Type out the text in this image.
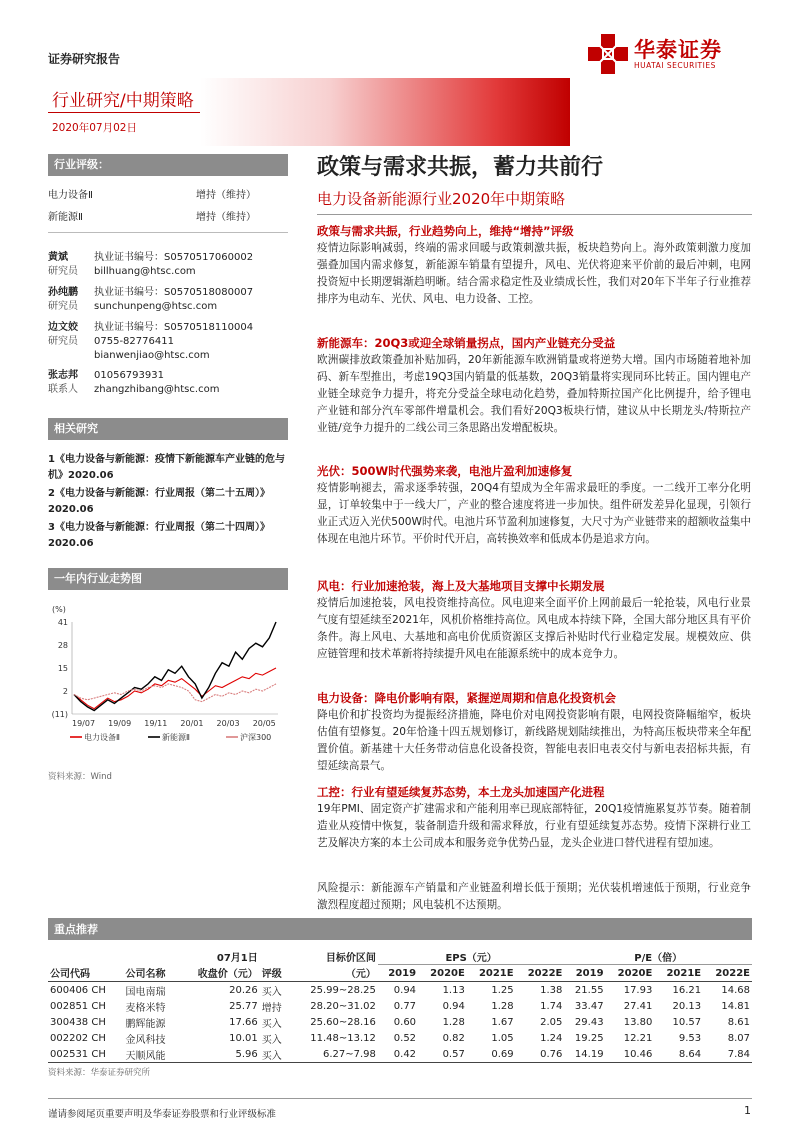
证券研究报告
行业研究/中期策略
2020年07月02日
华泰证券
HUATAI SECURITIES
行业评级：
电力设备Ⅱ	增持（维持）
新能源Ⅱ	增持（维持）
黄斌	执业证书编号：S0570517060002
研究员 billhuang@htsc.com
孙纯鹏 执业证书编号：S0570518080007
研究员 sunchunpeng@htsc.com
边文姣 执业证书编号：S0570518110004
研究员 0755-82776411
bianwenjiao@htsc.com
张志邦 01056793931
联系人 zhangzhibang@htsc.com
相关研究
1《电力设备与新能源：疫情下新能源车产业链的危与机》2020.06
2《电力设备与新能源：行业周报（第二十五周）》2020.06
3《电力设备与新能源：行业周报（第二十四周）》2020.06
一年内行业走势图
(%)
41
28
15
2
(11)
19/07 19/09 19/11 20/01 20/03 20/05
电力设备Ⅱ	新能源Ⅱ	沪深300
资料来源：Wind
政策与需求共振，蓄力共前行
电力设备新能源行业2020年中期策略
政策与需求共振，行业趋势向上，维持“增持”评级
疫情边际影响减弱，终端的需求回暖与政策刺激共振，板块趋势向上。海外政策刺激力度加强叠加国内需求修复，新能源车销量有望提升，风电、光伏将迎来平价前的最后冲刺，电网投资短中长期逻辑渐趋明晰。结合需求稳定性及业绩成长性，我们对20年下半年子行业推荐排序为电动车、光伏、风电、电力设备、工控。
新能源车：20Q3或迎全球销量拐点，国内产业链充分受益
欧洲碳排放政策叠加补贴加码，20年新能源车欧洲销量或将逆势大增。国内市场随着地补加码、新车型推出，考虑19Q3国内销量的低基数，20Q3销量将实现同环比转正。国内锂电产业链全球竞争力提升，将充分受益全球电动化趋势，叠加特斯拉国产化比例提升，给予锂电产业链和部分汽车零部件增量机会。我们看好20Q3板块行情，建议从中长期龙头/特斯拉产业链/竞争力提升的二线公司三条思路出发增配板块。
光伏：500W时代强势来袭，电池片盈利加速修复
疫情影响褪去，需求逐季转强，20Q4有望成为全年需求最旺的季度。一二线开工率分化明显，订单较集中于一线大厂，产业的整合速度将进一步加快。组件研发差异化显现，引领行业正式迈入光伏500W时代。电池片环节盈利加速修复，大尺寸为产业链带来的超额收益集中体现在电池片环节。平价时代开启，高转换效率和低成本仍是追求方向。
风电：行业加速抢装，海上及大基地项目支撑中长期发展
疫情后加速抢装，风电投资维持高位。风电迎来全面平价上网前最后一轮抢装，风电行业景气度有望延续至2021年，风机价格维持高位。风电成本持续下降，全国大部分地区具有平价条件。海上风电、大基地和高电价优质资源区支撑后补贴时代行业稳定发展。规模效应、供应链管理和技术革新将持续提升风电在能源系统中的成本竞争力。
电力设备：降电价影响有限，紧握逆周期和信息化投资机会
降电价和扩投资均为提振经济措施，降电价对电网投资影响有限，电网投资降幅缩窄，板块估值有望修复。20年恰逢十四五规划修订，新线路规划陆续推出，为特高压板块带来全年配置价值。新基建十大任务带动信息化设备投资，智能电表旧电表交付与新电表招标共振，有望延续高景气。
工控：行业有望延续复苏态势，本土龙头加速国产化进程
19年PMI、固定资产扩建需求和产能利用率已现底部特征，20Q1疫情施累复苏节奏。随着制造业从疫情中恢复，装备制造升级和需求释放，行业有望延续复苏态势。疫情下深耕行业工艺及解决方案的本土公司成本和服务竞争优势凸显，龙头企业进口替代进程有望加速。
风险提示：新能源车产销量和产业链盈利增长低于预期；光伏装机增速低于预期，行业竞争激烈程度超过预期；风电装机不达预期。
重点推荐
		07月1日		目标价区间	EPS（元）				P/E（倍）			
公司代码	公司名称	收盘价（元）	评级	（元）	2019	2020E	2021E	2022E	2019	2020E	2021E	2022E
600406 CH	国电南瑞	20.26	买入	25.99~28.25	0.94	1.13	1.25	1.38	21.55	17.93	16.21	14.68
002851 CH	麦格米特	25.77	增持	28.20~31.02	0.77	0.94	1.28	1.74	33.47	27.41	20.13	14.81
300438 CH	鹏辉能源	17.66	买入	25.60~28.16	0.60	1.28	1.67	2.05	29.43	13.80	10.57	8.61
002202 CH	金风科技	10.01	买入	11.48~13.12	0.52	0.82	1.05	1.24	19.25	12.21	9.53	8.07
002531 CH	天顺风能	5.96	买入	6.27~7.98	0.42	0.57	0.69	0.76	14.19	10.46	8.64	7.84
资料来源：华泰证券研究所
谨请参阅尾页重要声明及华泰证券股票和行业评级标准	1
